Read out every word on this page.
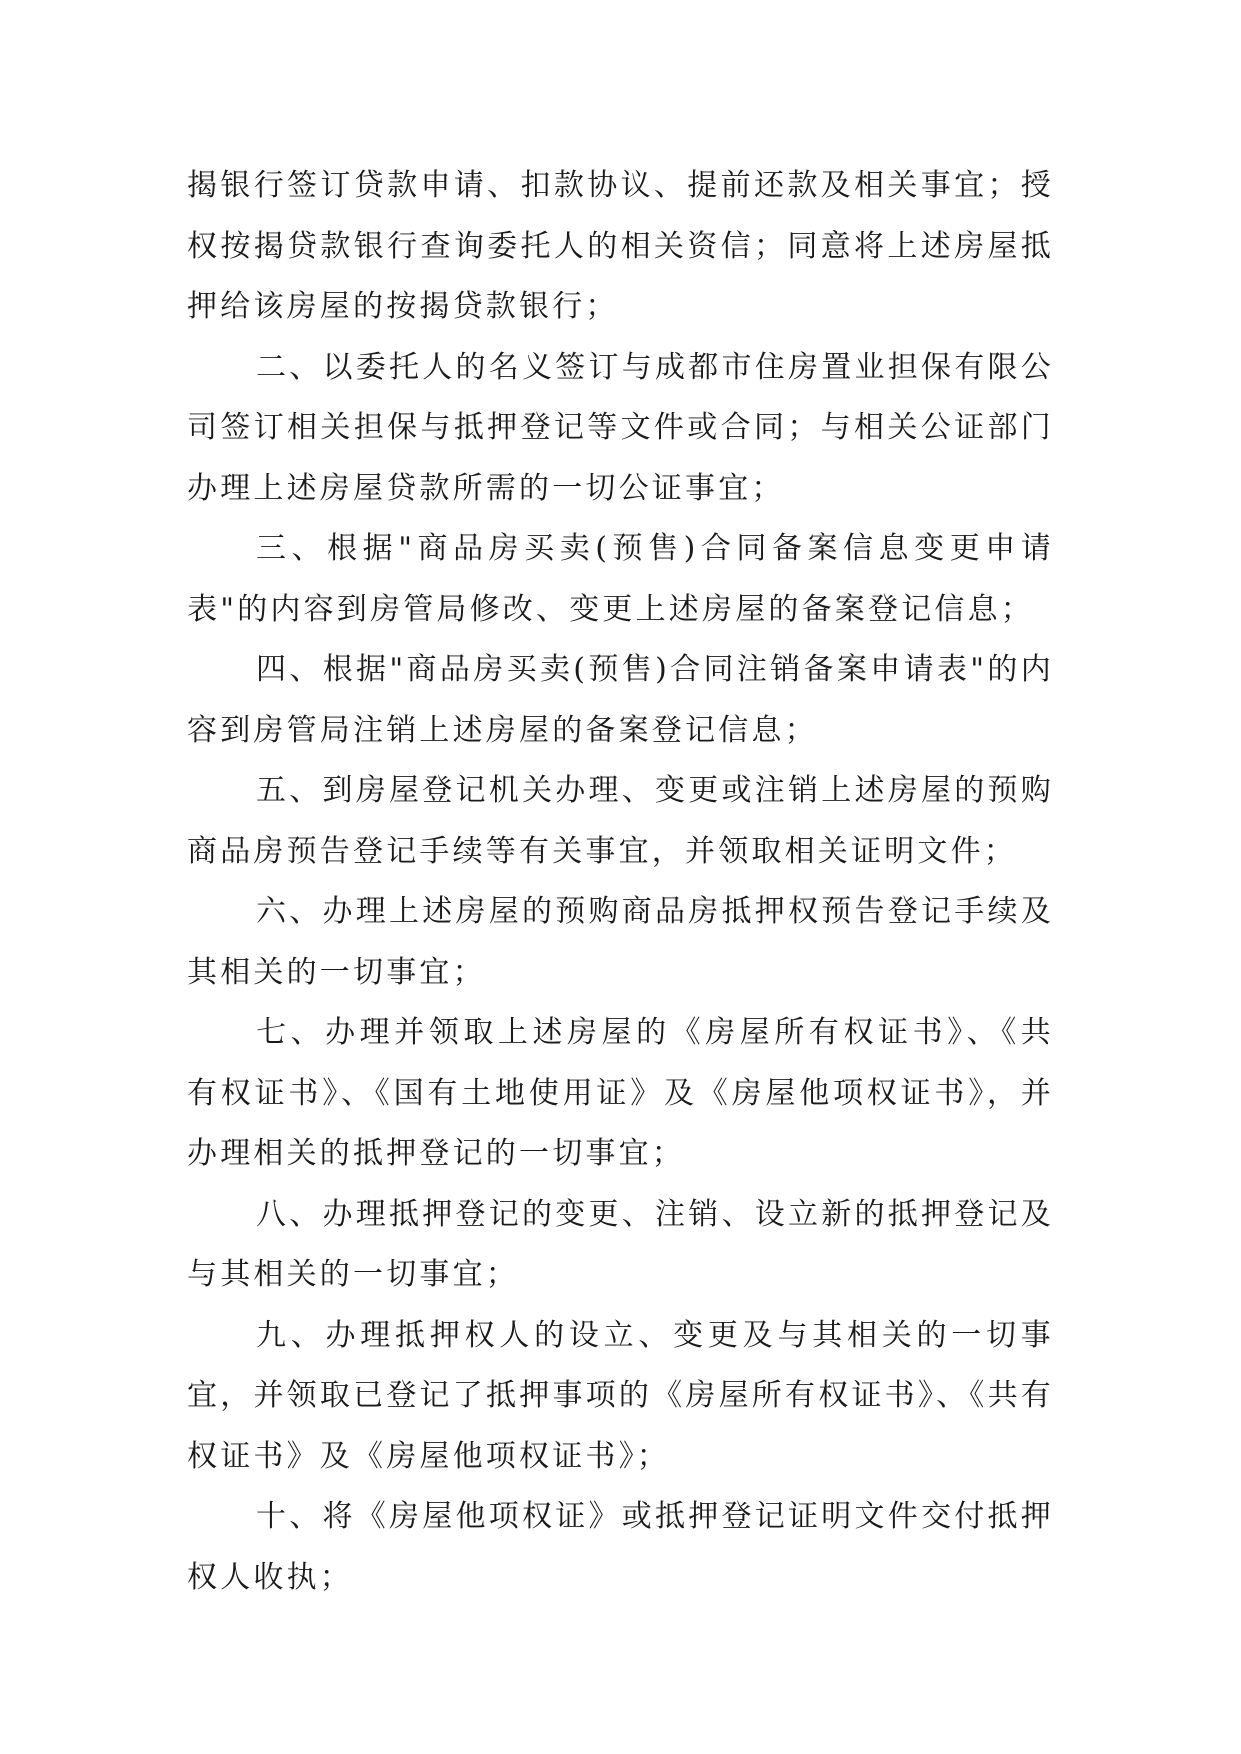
揭银行签订贷款申请、扣款协议、提前还款及相关事宜；授权按揭贷款银行查询委托人的相关资信；同意将上述房屋抵押给该房屋的按揭贷款银行；

二、以委托人的名义签订与成都市住房置业担保有限公司签订相关担保与抵押登记等文件或合同；与相关公证部门办理上述房屋贷款所需的一切公证事宜；

三、根据"商品房买卖(预售)合同备案信息变更申请表"的内容到房管局修改、变更上述房屋的备案登记信息；

四、根据"商品房买卖(预售)合同注销备案申请表"的内容到房管局注销上述房屋的备案登记信息；

五、到房屋登记机关办理、变更或注销上述房屋的预购商品房预告登记手续等有关事宜，并领取相关证明文件；

六、办理上述房屋的预购商品房抵押权预告登记手续及其相关的一切事宜；

七、办理并领取上述房屋的《房屋所有权证书》、《共有权证书》、《国有土地使用证》及《房屋他项权证书》，并办理相关的抵押登记的一切事宜；

八、办理抵押登记的变更、注销、设立新的抵押登记及与其相关的一切事宜；

九、办理抵押权人的设立、变更及与其相关的一切事宜，并领取已登记了抵押事项的《房屋所有权证书》、《共有权证书》及《房屋他项权证书》；

十、将《房屋他项权证》或抵押登记证明文件交付抵押权人收执；
